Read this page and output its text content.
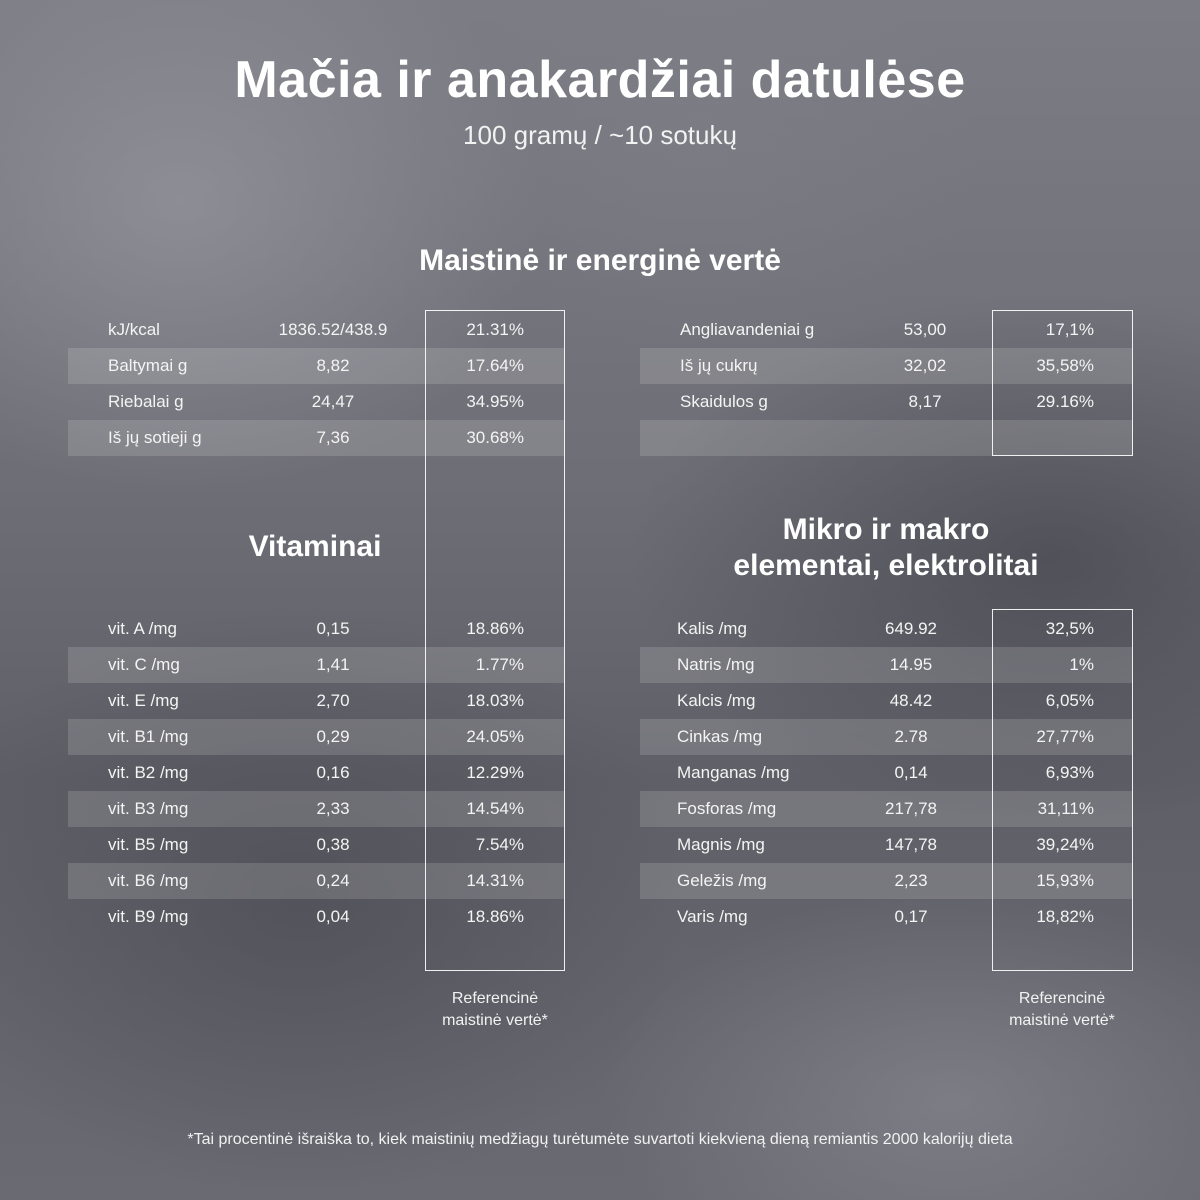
Mačia ir anakardžiai datulėse
100 gramų / ~10 sotukų
Maistinė ir energinė vertė
kJ/kcal	1836.52/438.9	21.31%
Baltymai g	8,82	17.64%
Riebalai g	24,47	34.95%
Iš jų sotieji g	7,36	30.68%
Angliavandeniai g	53,00	17,1%
Iš jų cukrų	32,02	35,58%
Skaidulos g	8,17	29.16%
Vitaminai
vit. A /mg	0,15	18.86%
vit. C /mg	1,41	1.77%
vit. E /mg	2,70	18.03%
vit. B1 /mg	0,29	24.05%
vit. B2 /mg	0,16	12.29%
vit. B3 /mg	2,33	14.54%
vit. B5 /mg	0,38	7.54%
vit. B6 /mg	0,24	14.31%
vit. B9 /mg	0,04	18.86%
Mikro ir makro
elementai, elektrolitai
Kalis /mg	649.92	32,5%
Natris /mg	14.95	1%
Kalcis /mg	48.42	6,05%
Cinkas /mg	2.78	27,77%
Manganas /mg	0,14	6,93%
Fosforas /mg	217,78	31,11%
Magnis /mg	147,78	39,24%
Geležis /mg	2,23	15,93%
Varis /mg	0,17	18,82%
Referencinė
maistinė vertė*
Referencinė
maistinė vertė*
*Tai procentinė išraiška to, kiek maistinių medžiagų turėtumėte suvartoti kiekvieną dieną remiantis 2000 kalorijų dieta
